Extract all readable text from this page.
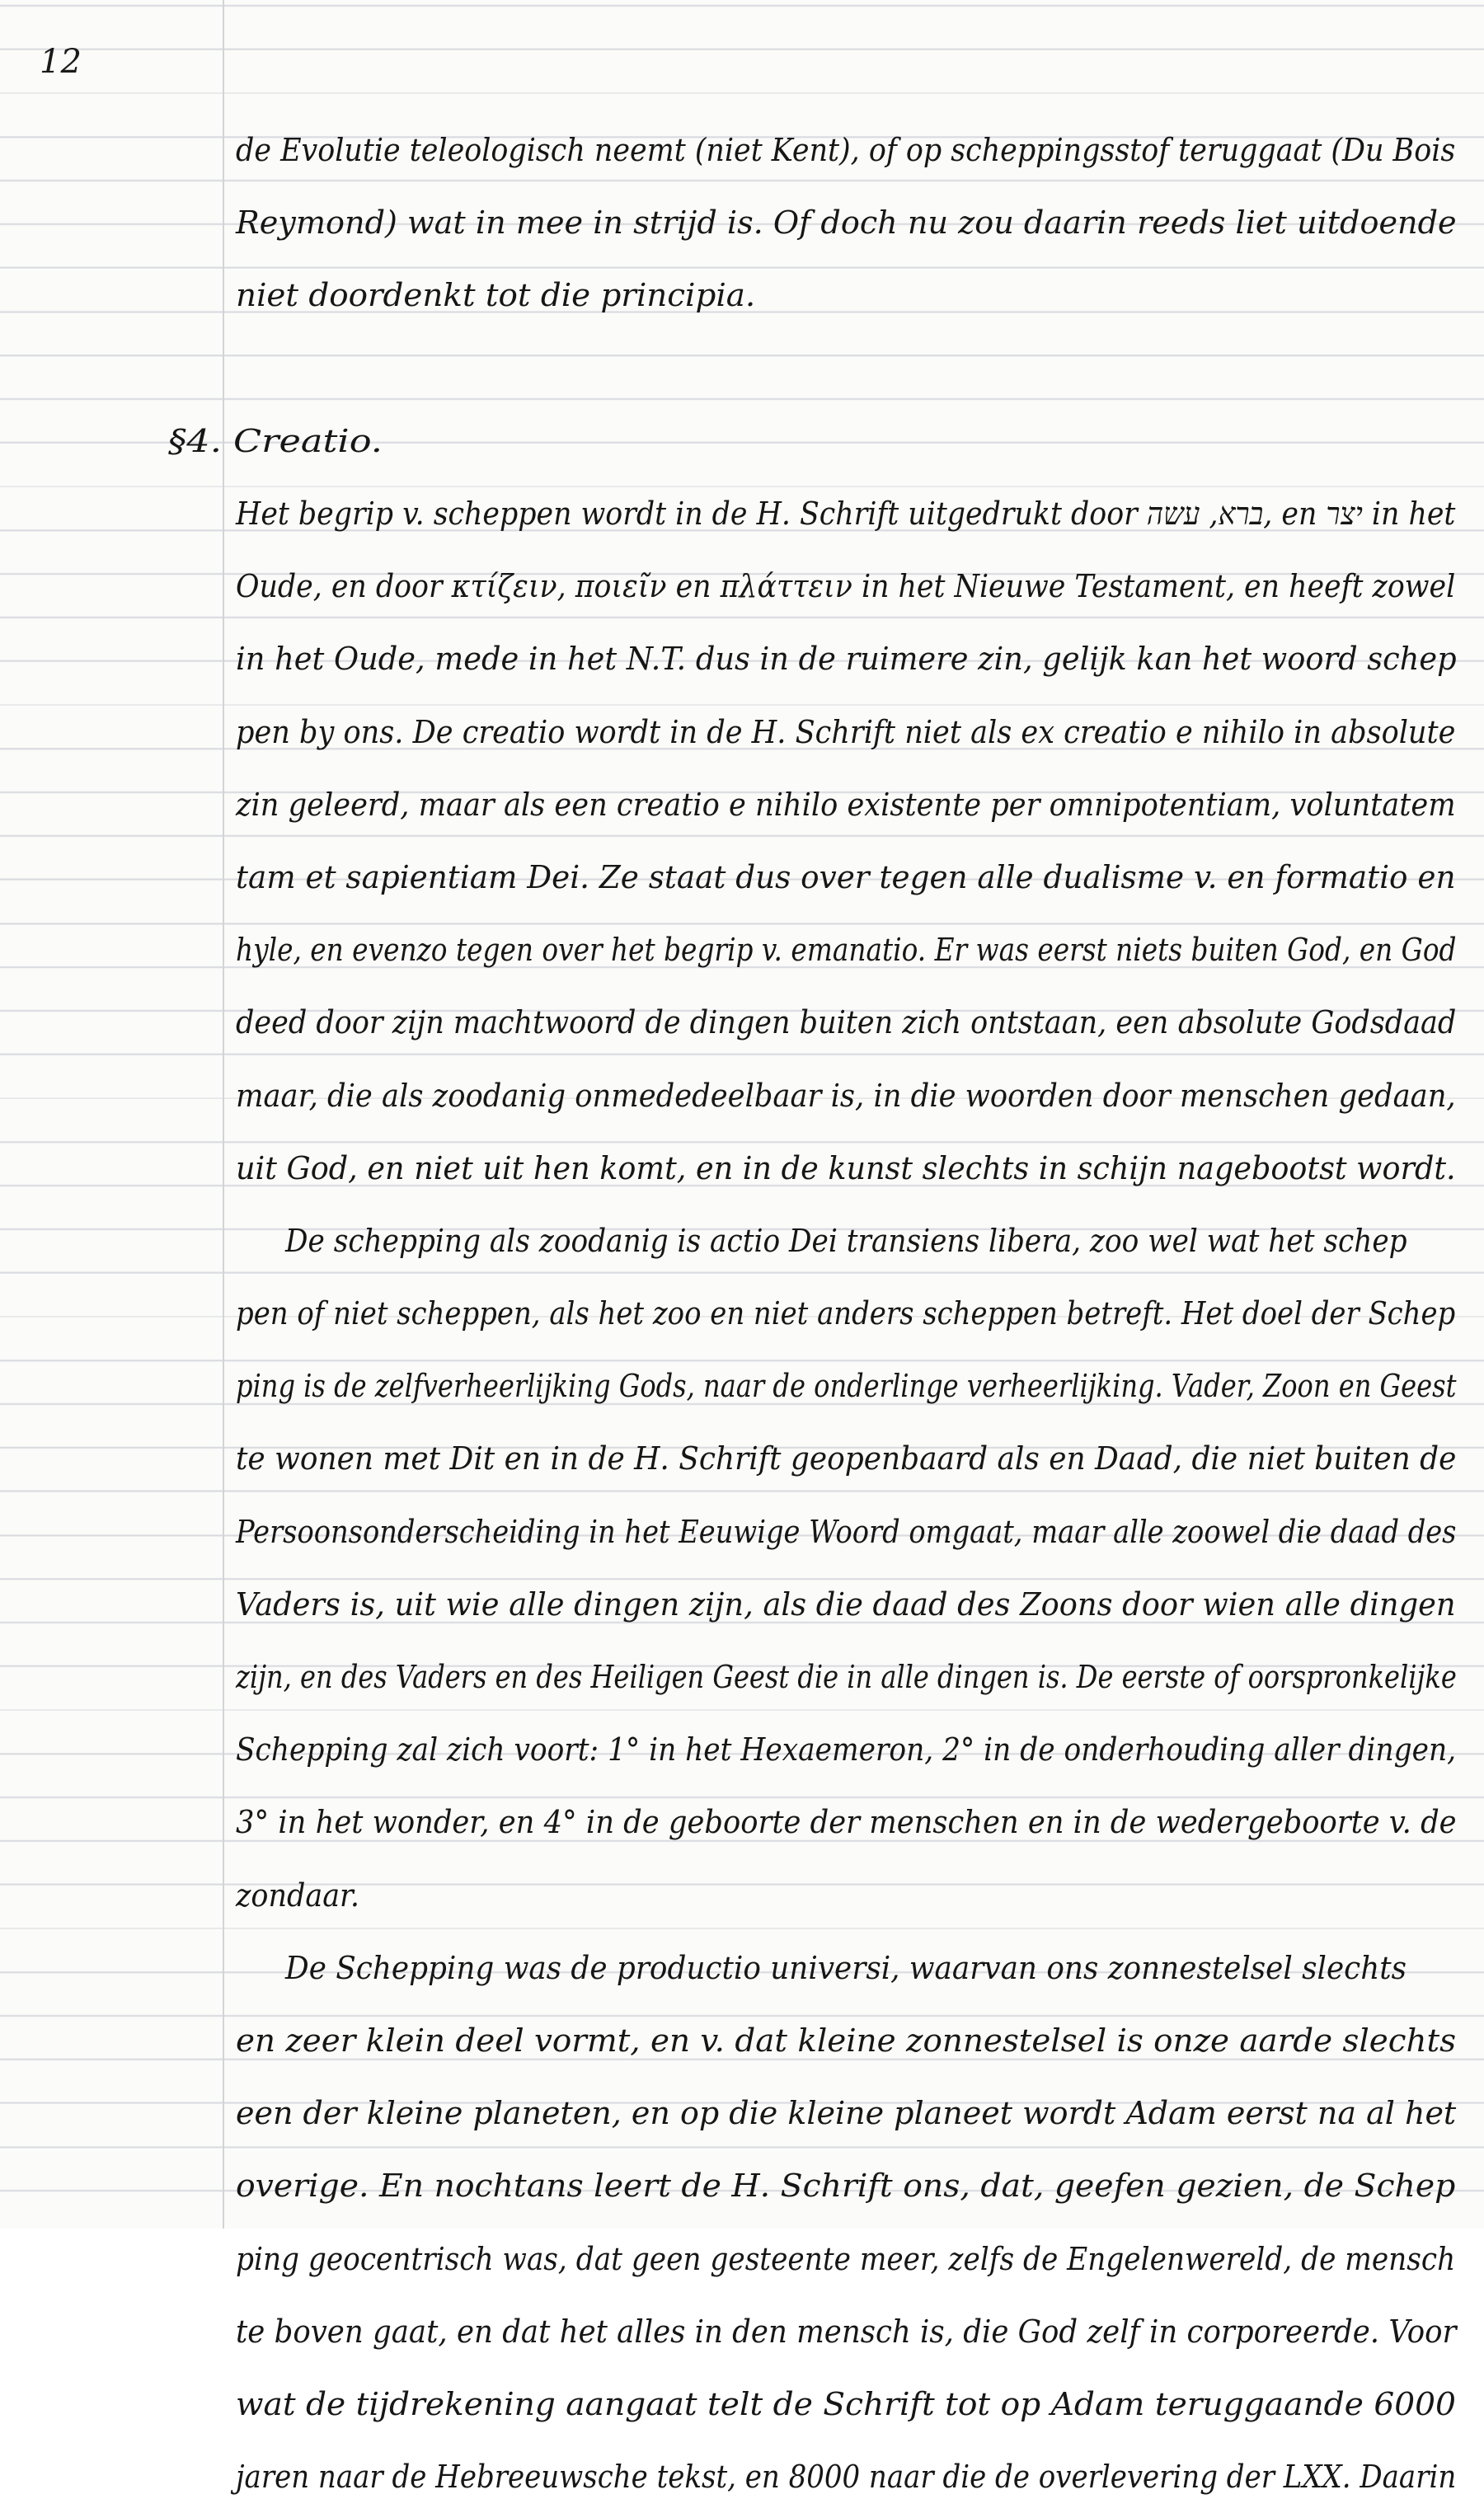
12
de Evolutie teleologisch neemt (niet Kent), of op scheppingsstof teruggaat (Du Bois
Reymond) wat in mee in strijd is. Of doch nu zou daarin reeds liet uitdoende
niet doordenkt tot die principia.
§4. Creatio.
Het begrip v. scheppen wordt in de H. Schrift uitgedrukt door ברא, עשה, en יצר in het
Oude, en door κτίζειν, ποιεῖν en πλάττειν in het Nieuwe Testament, en heeft zowel
in het Oude, mede in het N.T. dus in de ruimere zin, gelijk kan het woord schep
pen by ons. De creatio wordt in de H. Schrift niet als ex creatio e nihilo in absolute
zin geleerd, maar als een creatio e nihilo existente per omnipotentiam, voluntatem
tam et sapientiam Dei. Ze staat dus over tegen alle dualisme v. en formatio en
hyle, en evenzo tegen over het begrip v. emanatio. Er was eerst niets buiten God, en God
deed door zijn machtwoord de dingen buiten zich ontstaan, een absolute Godsdaad
maar, die als zoodanig onmededeelbaar is, in die woorden door menschen gedaan,
uit God, en niet uit hen komt, en in de kunst slechts in schijn nagebootst wordt.
De schepping als zoodanig is actio Dei transiens libera, zoo wel wat het schep
pen of niet scheppen, als het zoo en niet anders scheppen betreft. Het doel der Schep
ping is de zelfverheerlijking Gods, naar de onderlinge verheerlijking. Vader, Zoon en Geest
te wonen met Dit en in de H. Schrift geopenbaard als en Daad, die niet buiten de
Persoonsonderscheiding in het Eeuwige Woord omgaat, maar alle zoowel die daad des
Vaders is, uit wie alle dingen zijn, als die daad des Zoons door wien alle dingen
zijn, en des Vaders en des Heiligen Geest die in alle dingen is. De eerste of oorspronkelijke
Schepping zal zich voort: 1° in het Hexaemeron, 2° in de onderhouding aller dingen,
3° in het wonder, en 4° in de geboorte der menschen en in de wedergeboorte v. de
zondaar.
De Schepping was de productio universi, waarvan ons zonnestelsel slechts
en zeer klein deel vormt, en v. dat kleine zonnestelsel is onze aarde slechts
een der kleine planeten, en op die kleine planeet wordt Adam eerst na al het
overige. En nochtans leert de H. Schrift ons, dat, geefen gezien, de Schep
ping geocentrisch was, dat geen gesteente meer, zelfs de Engelenwereld, de mensch
te boven gaat, en dat het alles in den mensch is, die God zelf in corporeerde. Voor
wat de tijdrekening aangaat telt de Schrift tot op Adam teruggaande 6000
jaren naar de Hebreeuwsche tekst, en 8000 naar die de overlevering der LXX. Daarin
